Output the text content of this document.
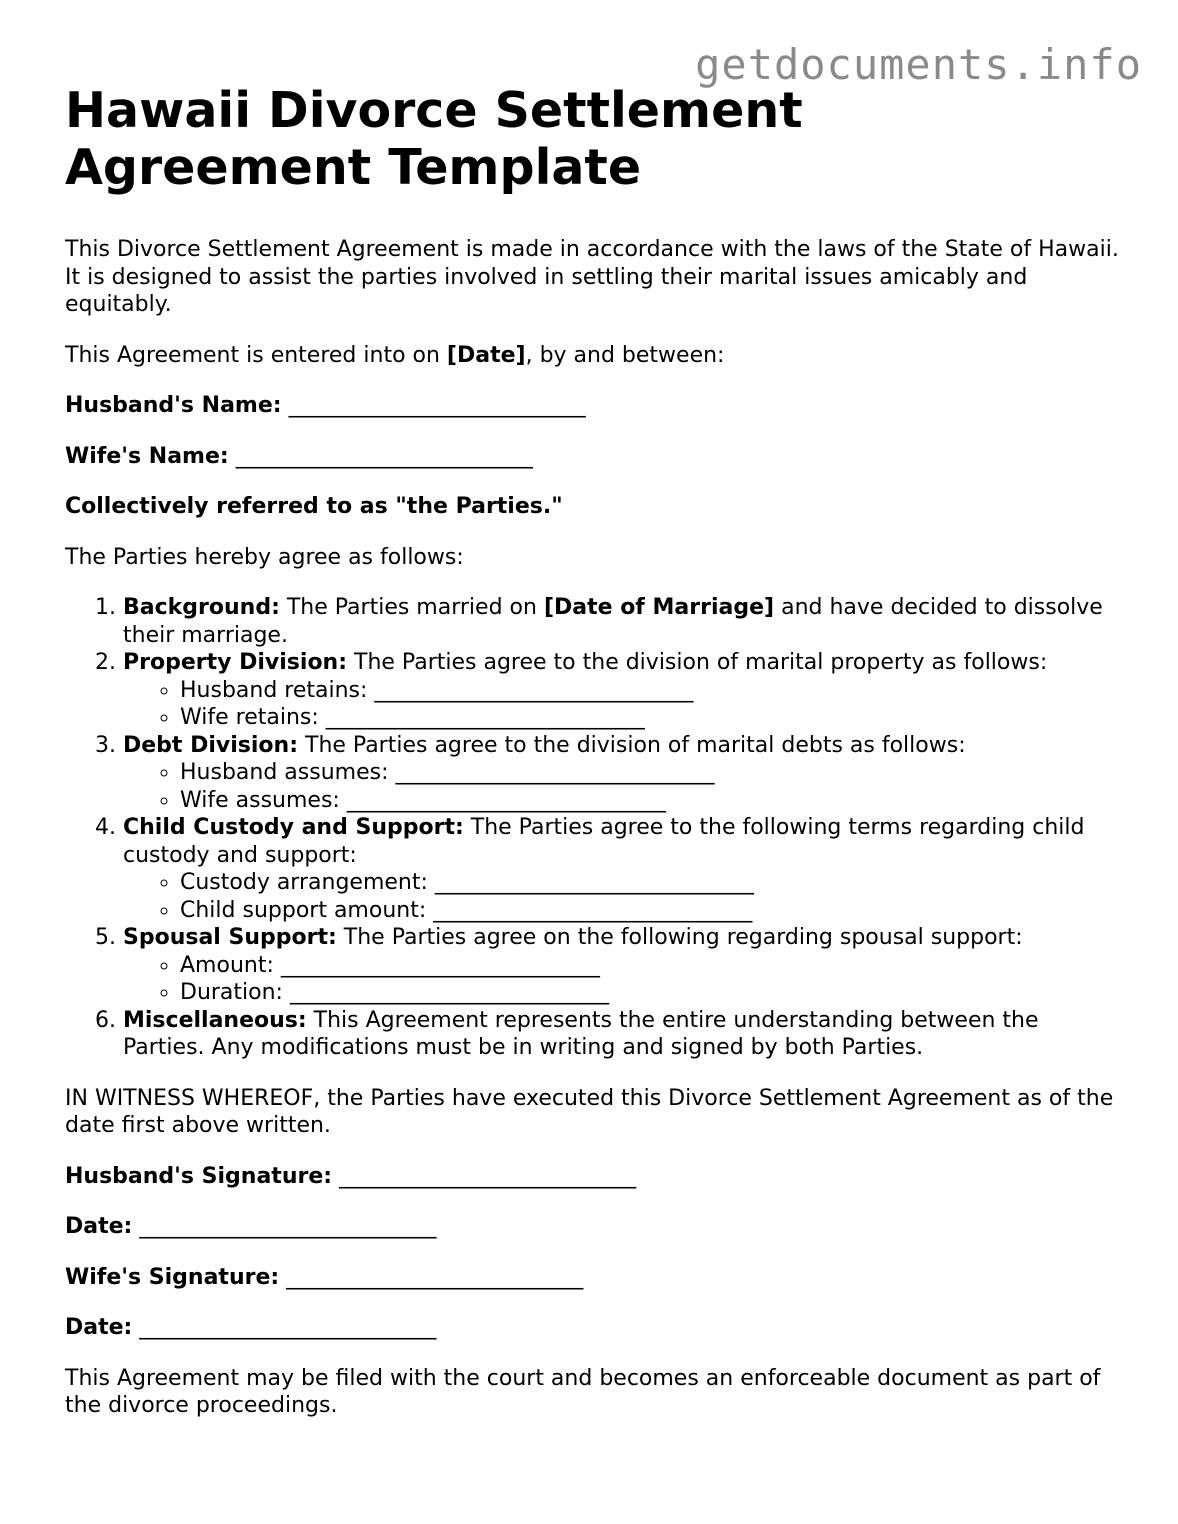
getdocuments.info
Hawaii Divorce Settlement Agreement Template

This Divorce Settlement Agreement is made in accordance with the laws of the State of Hawaii. It is designed to assist the parties involved in settling their marital issues amicably and equitably.

This Agreement is entered into on [Date], by and between:

Husband's Name: ___________________________

Wife's Name: ___________________________

Collectively referred to as "the Parties."

The Parties hereby agree as follows:

1. Background: The Parties married on [Date of Marriage] and have decided to dissolve their marriage.
2. Property Division: The Parties agree to the division of marital property as follows:
◦ Husband retains: _____________________________
◦ Wife retains: _____________________________
3. Debt Division: The Parties agree to the division of marital debts as follows:
◦ Husband assumes: _____________________________
◦ Wife assumes: _____________________________
4. Child Custody and Support: The Parties agree to the following terms regarding child custody and support:
◦ Custody arrangement: _____________________________
◦ Child support amount: _____________________________
5. Spousal Support: The Parties agree on the following regarding spousal support:
◦ Amount: _____________________________
◦ Duration: _____________________________
6. Miscellaneous: This Agreement represents the entire understanding between the Parties. Any modifications must be in writing and signed by both Parties.

IN WITNESS WHEREOF, the Parties have executed this Divorce Settlement Agreement as of the date first above written.

Husband's Signature: ___________________________

Date: ___________________________

Wife's Signature: ___________________________

Date: ___________________________

This Agreement may be filed with the court and becomes an enforceable document as part of the divorce proceedings.
